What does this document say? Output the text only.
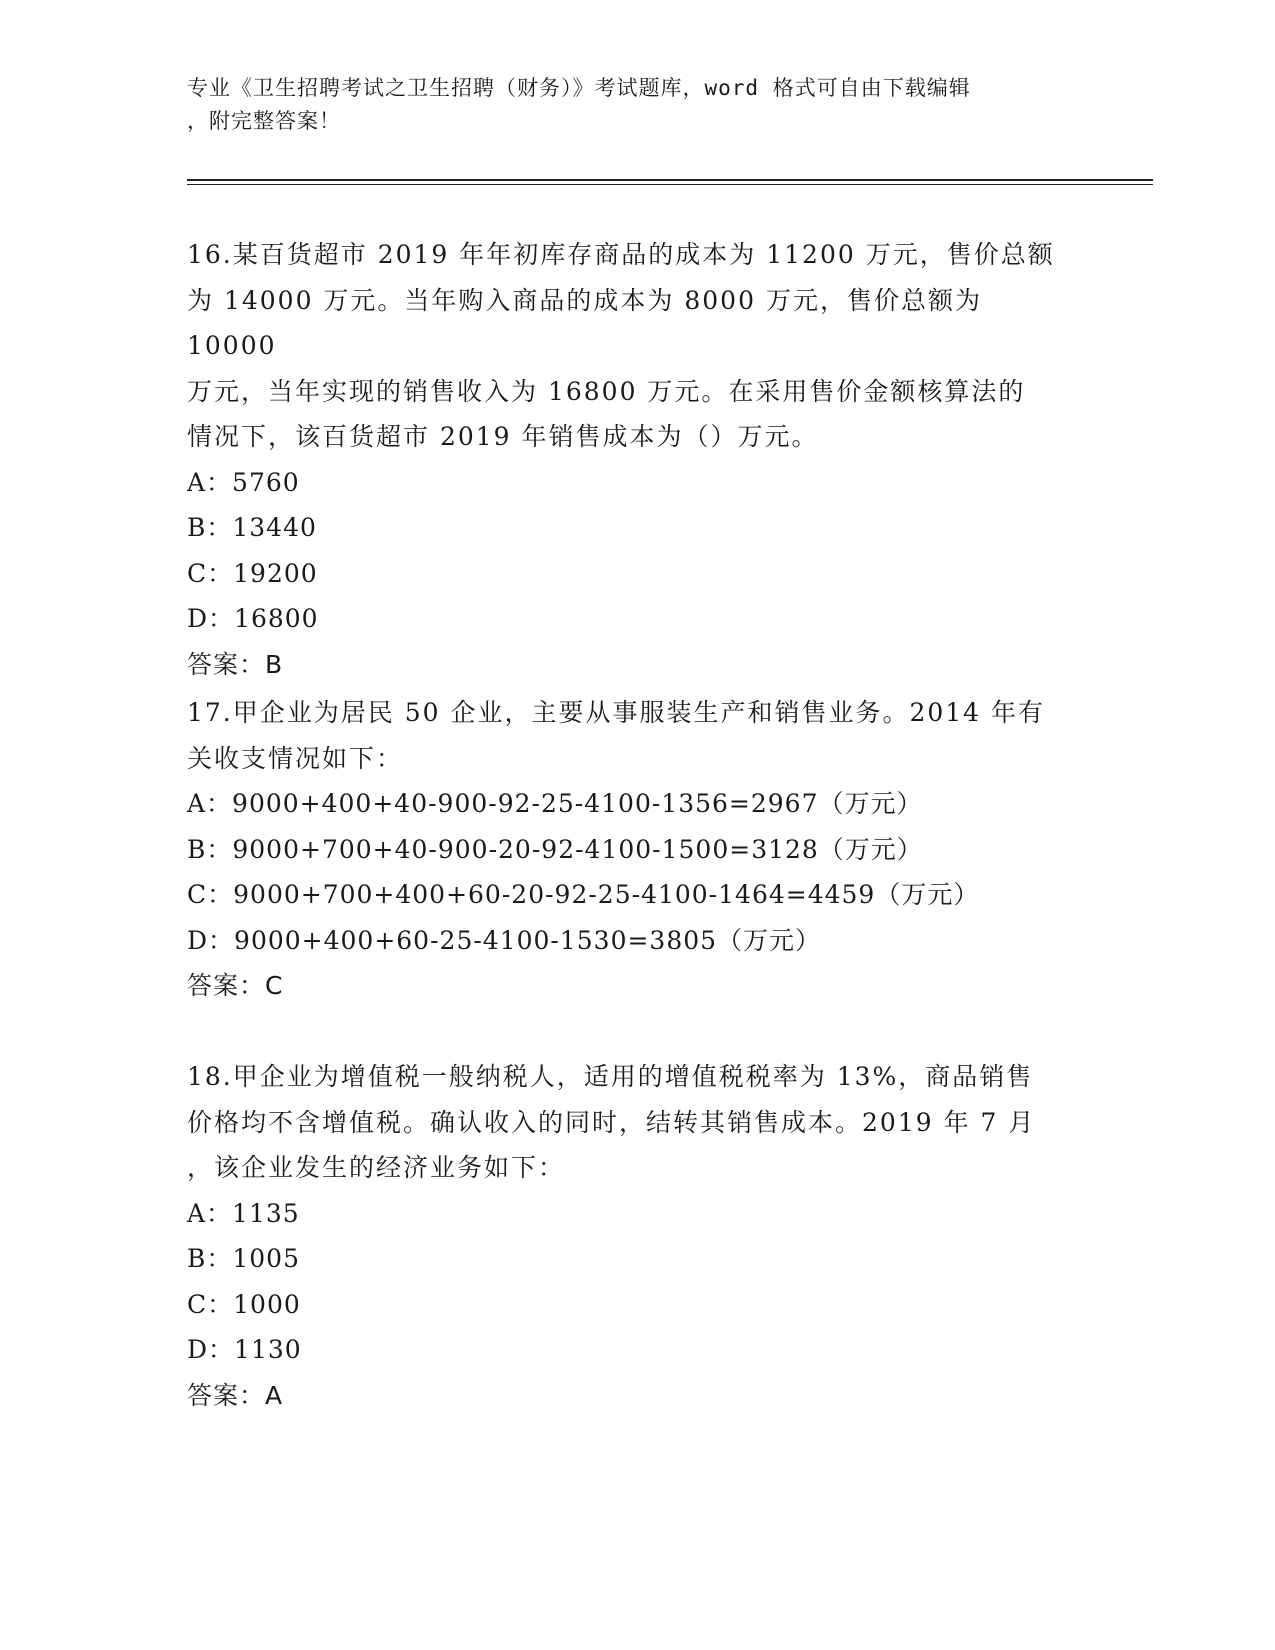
专业《卫生招聘考试之卫生招聘（财务）》考试题库，word 格式可自由下载编辑
，附完整答案！

16.某百货超市 2019 年年初库存商品的成本为 11200 万元，售价总额

为 14000 万元。当年购入商品的成本为 8000 万元，售价总额为 10000

万元，当年实现的销售收入为 16800 万元。在采用售价金额核算法的

情况下，该百货超市 2019 年销售成本为（）万元。

A：5760

B：13440

C：19200

D：16800

答案：B

17.甲企业为居民 50 企业，主要从事服装生产和销售业务。2014 年有

关收支情况如下：

A：9000+400+40-900-92-25-4100-1356=2967（万元）

B：9000+700+40-900-20-92-4100-1500=3128（万元）

C：9000+700+400+60-20-92-25-4100-1464=4459（万元）

D：9000+400+60-25-4100-1530=3805（万元）

答案：C

18.甲企业为增值税一般纳税人，适用的增值税税率为 13%，商品销售

价格均不含增值税。确认收入的同时，结转其销售成本。2019 年 7 月

，该企业发生的经济业务如下：

A：1135

B：1005

C：1000

D：1130

答案：A
